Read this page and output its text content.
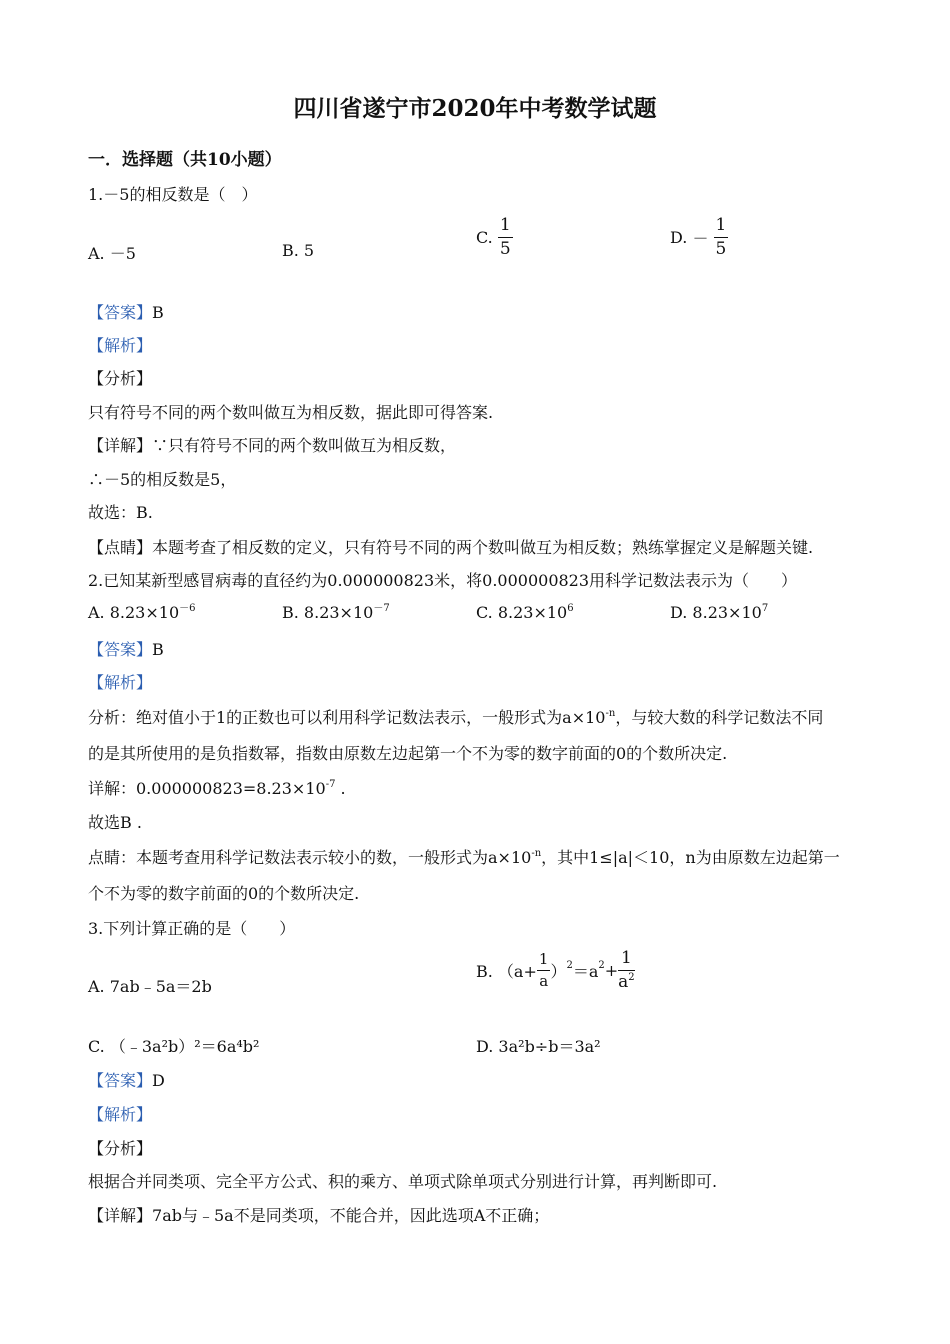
四川省遂宁市2020年中考数学试题
一．选择题（共10小题）
1.－5的相反数是（　）
A. －5	B. 5
C. $\frac{1}{5}$	D. － $\frac{1}{5}$
【答案】B
【解析】
【分析】
只有符号不同的两个数叫做互为相反数，据此即可得答案.
【详解】∵只有符号不同的两个数叫做互为相反数，
∴－5的相反数是5，
故选：B.
【点睛】本题考查了相反数的定义，只有符号不同的两个数叫做互为相反数；熟练掌握定义是解题关键.
2.已知某新型感冒病毒的直径约为0.000000823米，将0.000000823用科学记数法表示为（　　）
A. $8.23\times 10^{-6}$	B. $8.23\times 10^{-7}$	C. $8.23\times 10^6$	D. $8.23\times 10^7$
【答案】B
【解析】
分析：绝对值小于1的正数也可以利用科学记数法表示，一般形式为$a\times 10^{-n}$，与较大数的科学记数法不同
的是其所使用的是负指数幂，指数由原数左边起第一个不为零的数字前面的0的个数所决定.
详解：$0.000000823=8.23\times 10^{-7}$ .
故选B .
点睛：本题考查用科学记数法表示较小的数，一般形式为$a\times 10^{-n}$，其中1≤|a|＜10，n为由原数左边起第一
个不为零的数字前面的0的个数所决定.
3.下列计算正确的是（　　）
A. 7ab﹣5a＝2b
B. $(a+ \frac{1}{a} )^2=a^2+ \frac{1}{a^2}$
C. （﹣3a²b）²＝6a⁴b²	D. 3a²b÷b＝3a²
【答案】D
【解析】
【分析】
根据合并同类项、完全平方公式、积的乘方、单项式除单项式分别进行计算，再判断即可.
【详解】7ab与﹣5a不是同类项，不能合并，因此选项A不正确；
